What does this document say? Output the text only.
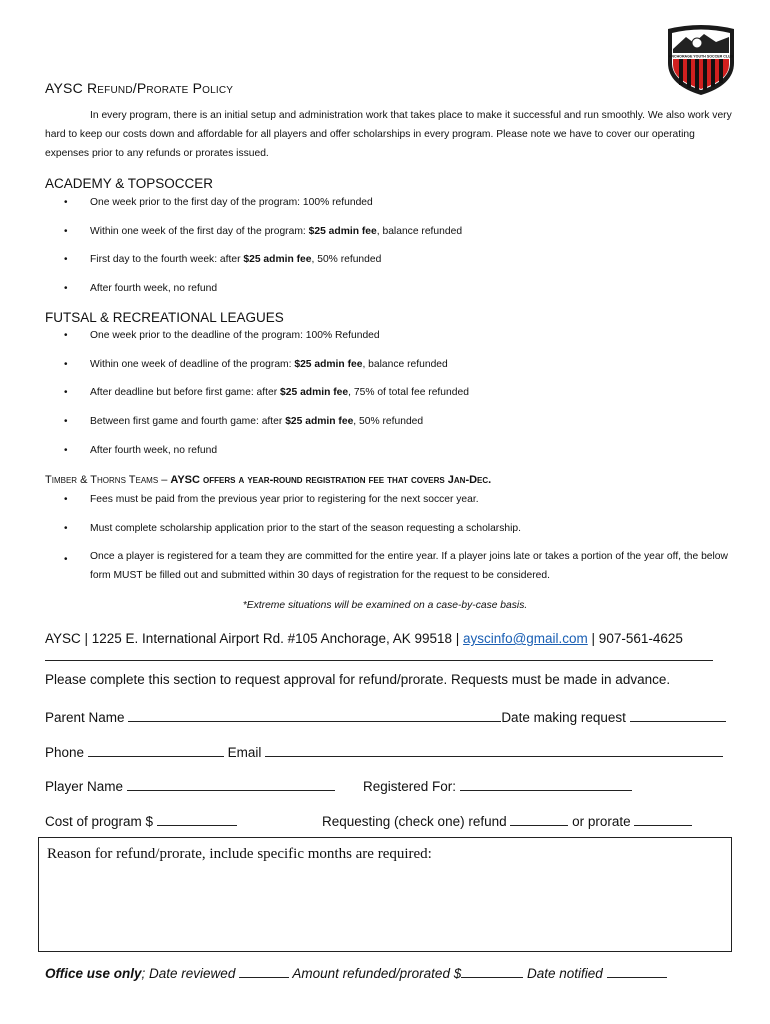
ANCHORAGE YOUTH SOCCER CLUB
AYSC Refund/Prorate Policy

In every program, there is an initial setup and administration work that takes place to make it successful and run smoothly. We also work very hard to keep our costs down and affordable for all players and offer scholarships in every program. Please note we have to cover our operating expenses prior to any refunds or prorates issued.

ACADEMY & TOPSOCCER
• One week prior to the first day of the program: 100% refunded
• Within one week of the first day of the program: $25 admin fee, balance refunded
• First day to the fourth week: after $25 admin fee, 50% refunded
• After fourth week, no refund
FUTSAL & RECREATIONAL LEAGUES
• One week prior to the deadline of the program: 100% Refunded
• Within one week of deadline of the program: $25 admin fee, balance refunded
• After deadline but before first game: after $25 admin fee, 75% of total fee refunded
• Between first game and fourth game: after $25 admin fee, 50% refunded
• After fourth week, no refund
Timber & Thorns Teams – AYSC offers a year-round registration fee that covers Jan-Dec.
• Fees must be paid from the previous year prior to registering for the next soccer year.
• Must complete scholarship application prior to the start of the season requesting a scholarship.
• Once a player is registered for a team they are committed for the entire year. If a player joins late or takes a portion of the year off, the below form MUST be filled out and submitted within 30 days of registration for the request to be considered.
*Extreme situations will be examined on a case-by-case basis.
AYSC | 1225 E. International Airport Rd. #105 Anchorage, AK 99518 | ayscinfo@gmail.com | 907-561-4625
Please complete this section to request approval for refund/prorate. Requests must be made in advance.
Parent Name	Date making request
Phone	Email
Player Name	Registered For:
Cost of program $	Requesting (check one) refund	or prorate
Reason for refund/prorate, include specific months are required:
Office use only; Date reviewed	Amount refunded/prorated $	Date notified
